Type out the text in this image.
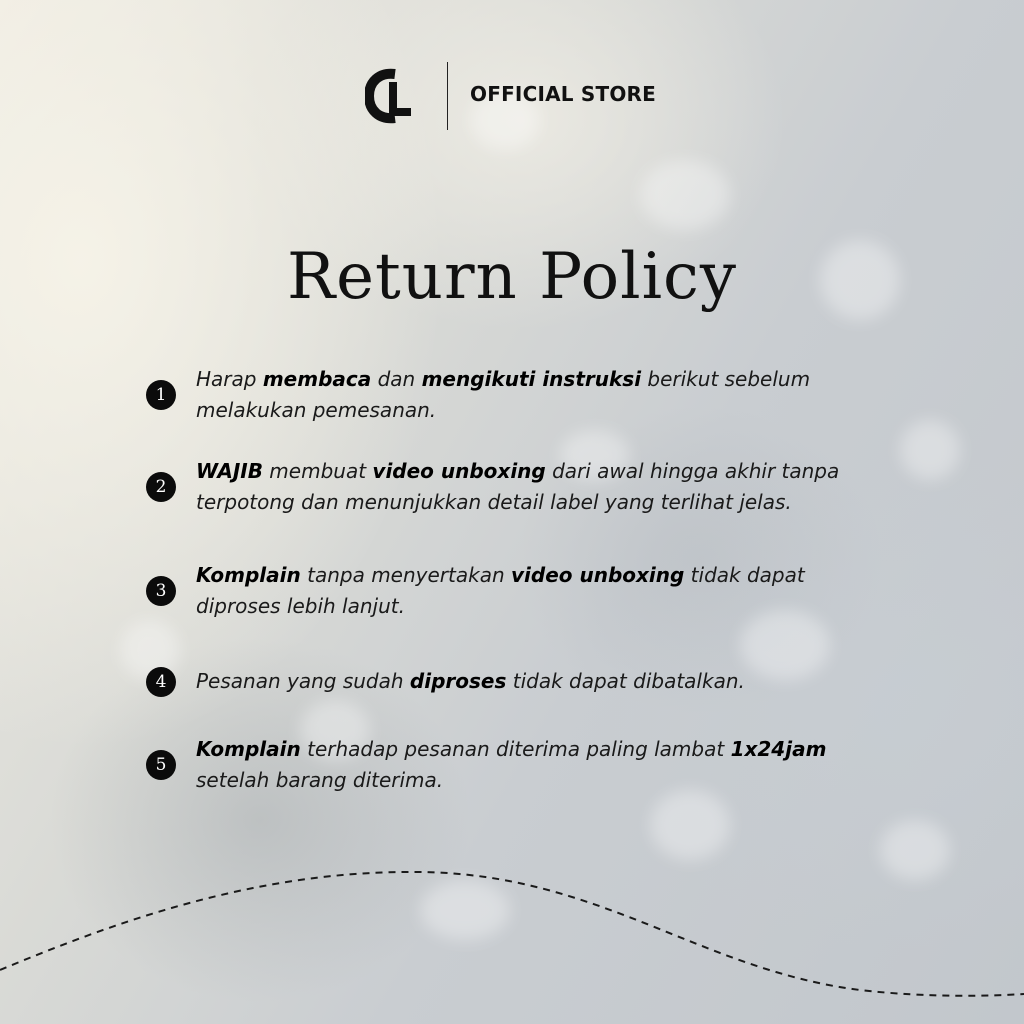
OFFICIAL STORE
Return Policy
1
Harap membaca dan mengikuti instruksi berikut sebelum melakukan pemesanan.
2
WAJIB membuat video unboxing dari awal hingga akhir tanpa terpotong dan menunjukkan detail label yang terlihat jelas.
3
Komplain tanpa menyertakan video unboxing tidak dapat diproses lebih lanjut.
4	Pesanan yang sudah diproses tidak dapat dibatalkan.
5
Komplain terhadap pesanan diterima paling lambat 1x24jam setelah barang diterima.
